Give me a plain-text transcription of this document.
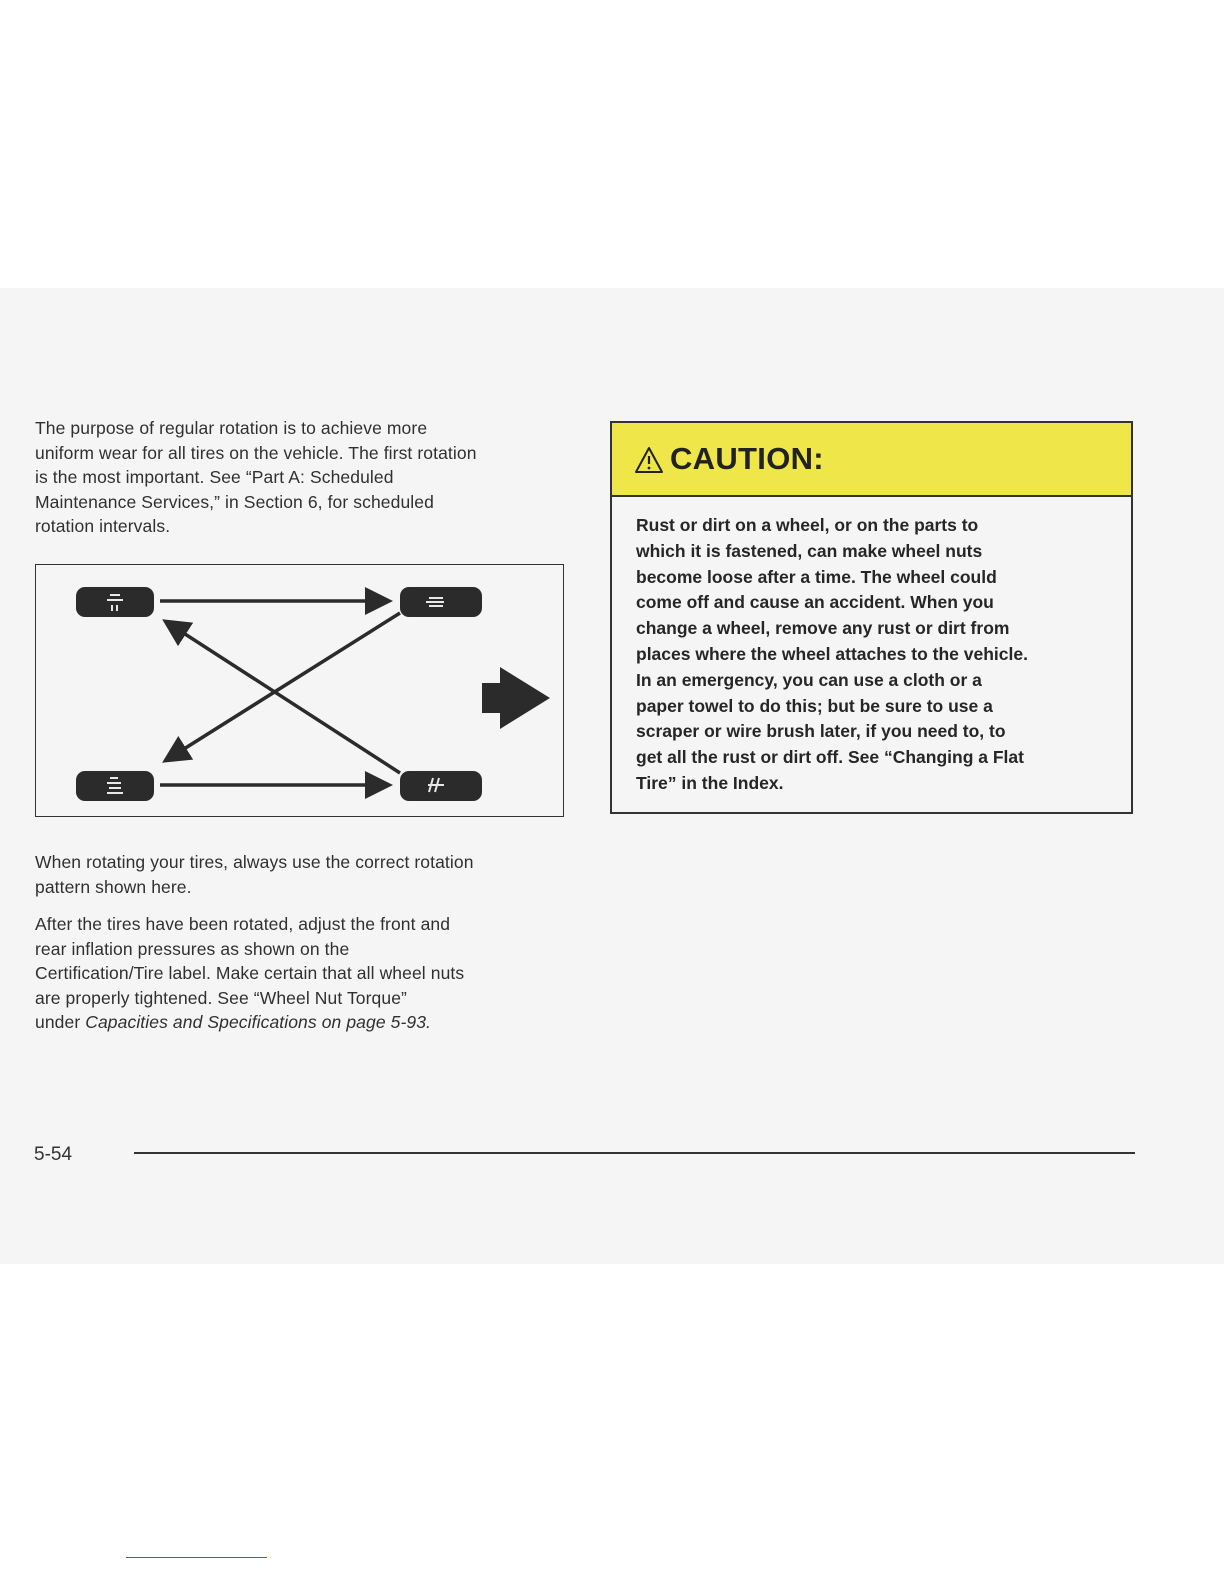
The purpose of regular rotation is to achieve more
uniform wear for all tires on the vehicle. The first rotation
is the most important. See “Part A: Scheduled
Maintenance Services,” in Section 6, for scheduled
rotation intervals.
When rotating your tires, always use the correct rotation
pattern shown here.
After the tires have been rotated, adjust the front and
rear inflation pressures as shown on the
Certification/Tire label. Make certain that all wheel nuts
are properly tightened. See “Wheel Nut Torque”
under Capacities and Specifications on page 5-93.
CAUTION:
Rust or dirt on a wheel, or on the parts to
which it is fastened, can make wheel nuts
become loose after a time. The wheel could
come off and cause an accident. When you
change a wheel, remove any rust or dirt from
places where the wheel attaches to the vehicle.
In an emergency, you can use a cloth or a
paper towel to do this; but be sure to use a
scraper or wire brush later, if you need to, to
get all the rust or dirt off. See “Changing a Flat
Tire” in the Index.
5-54
